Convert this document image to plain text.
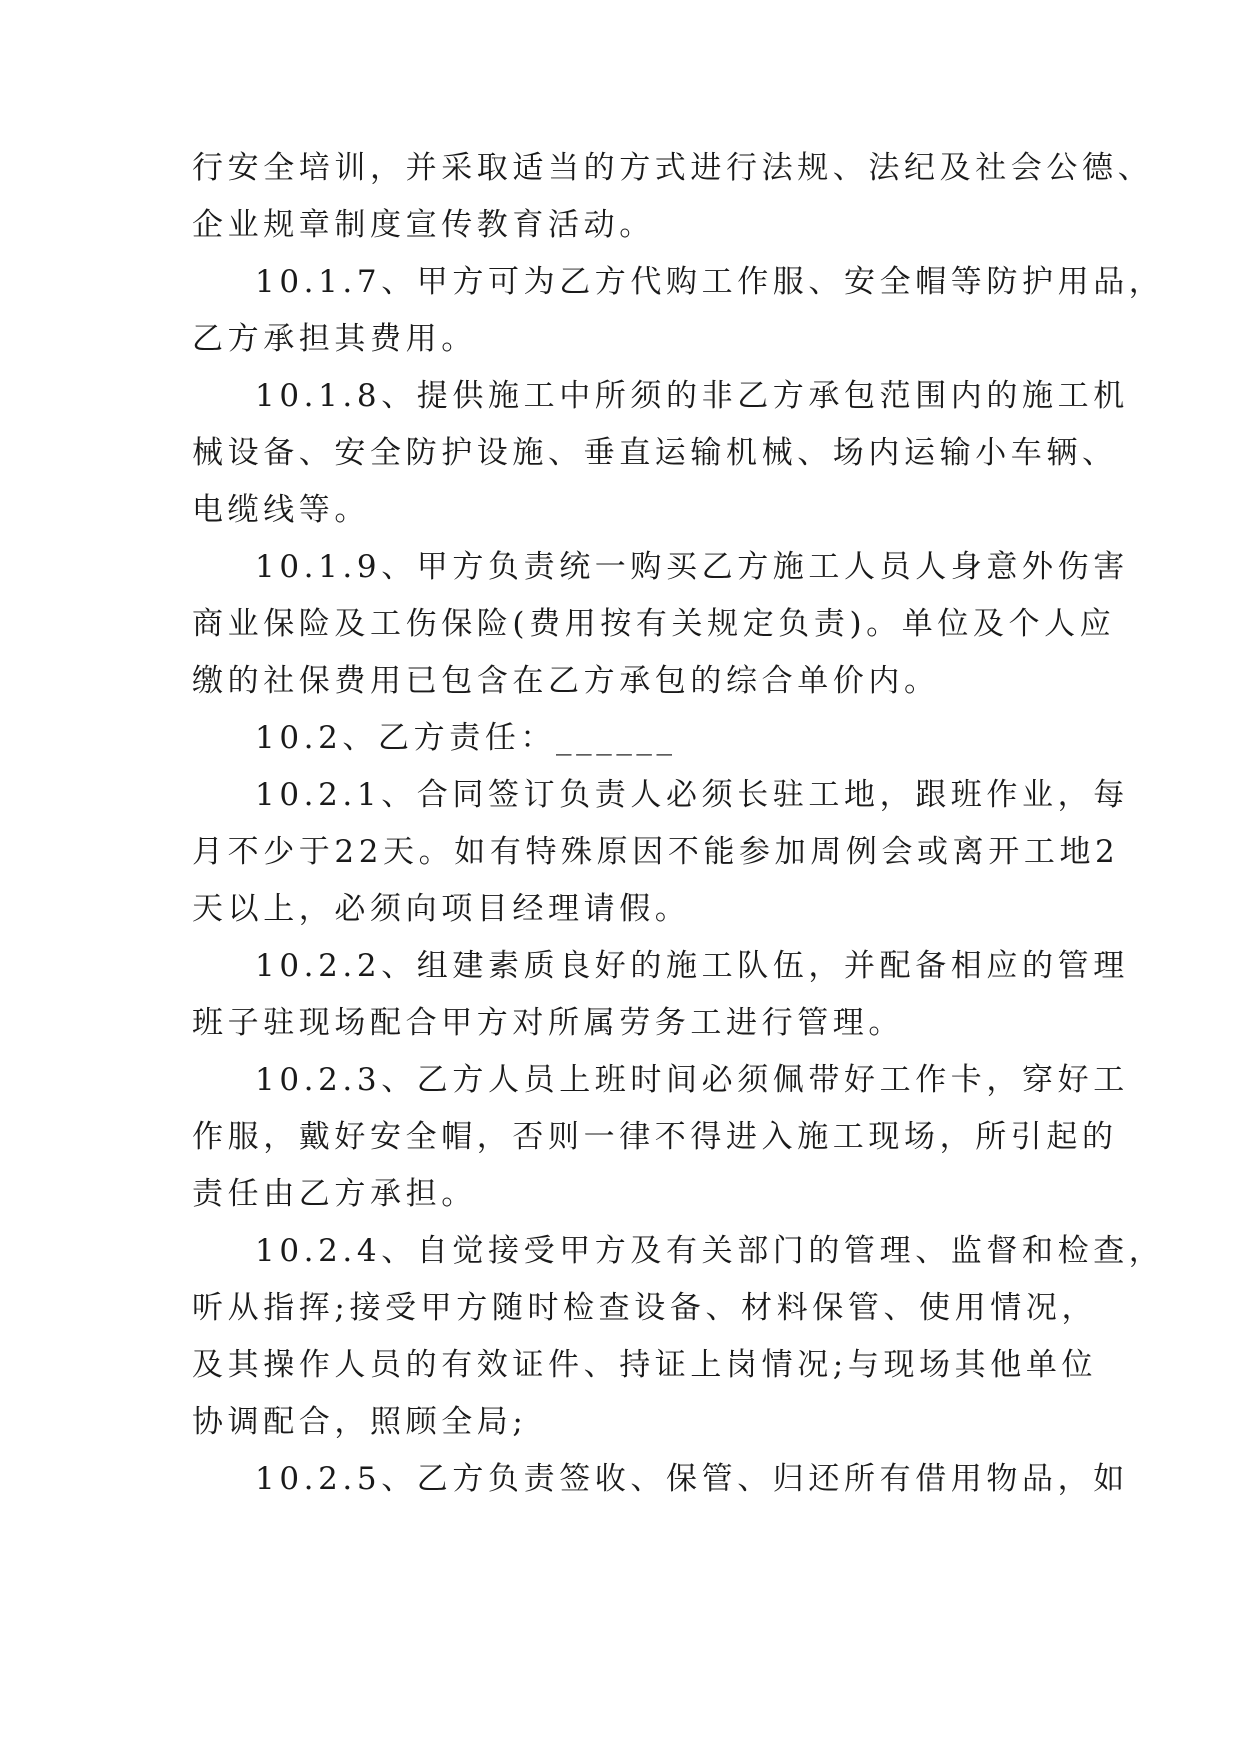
行安全培训，并采取适当的方式进行法规、法纪及社会公德、
企业规章制度宣传教育活动。
10.1.7、甲方可为乙方代购工作服、安全帽等防护用品，
乙方承担其费用。
10.1.8、提供施工中所须的非乙方承包范围内的施工机
械设备、安全防护设施、垂直运输机械、场内运输小车辆、
电缆线等。
10.1.9、甲方负责统一购买乙方施工人员人身意外伤害
商业保险及工伤保险(费用按有关规定负责)。单位及个人应
缴的社保费用已包含在乙方承包的综合单价内。
10.2、乙方责任：______
10.2.1、合同签订负责人必须长驻工地，跟班作业，每
月不少于22天。如有特殊原因不能参加周例会或离开工地2
天以上，必须向项目经理请假。
10.2.2、组建素质良好的施工队伍，并配备相应的管理
班子驻现场配合甲方对所属劳务工进行管理。
10.2.3、乙方人员上班时间必须佩带好工作卡，穿好工
作服，戴好安全帽，否则一律不得进入施工现场，所引起的
责任由乙方承担。
10.2.4、自觉接受甲方及有关部门的管理、监督和检查，
听从指挥;接受甲方随时检查设备、材料保管、使用情况，
及其操作人员的有效证件、持证上岗情况;与现场其他单位
协调配合，照顾全局;
10.2.5、乙方负责签收、保管、归还所有借用物品，如
